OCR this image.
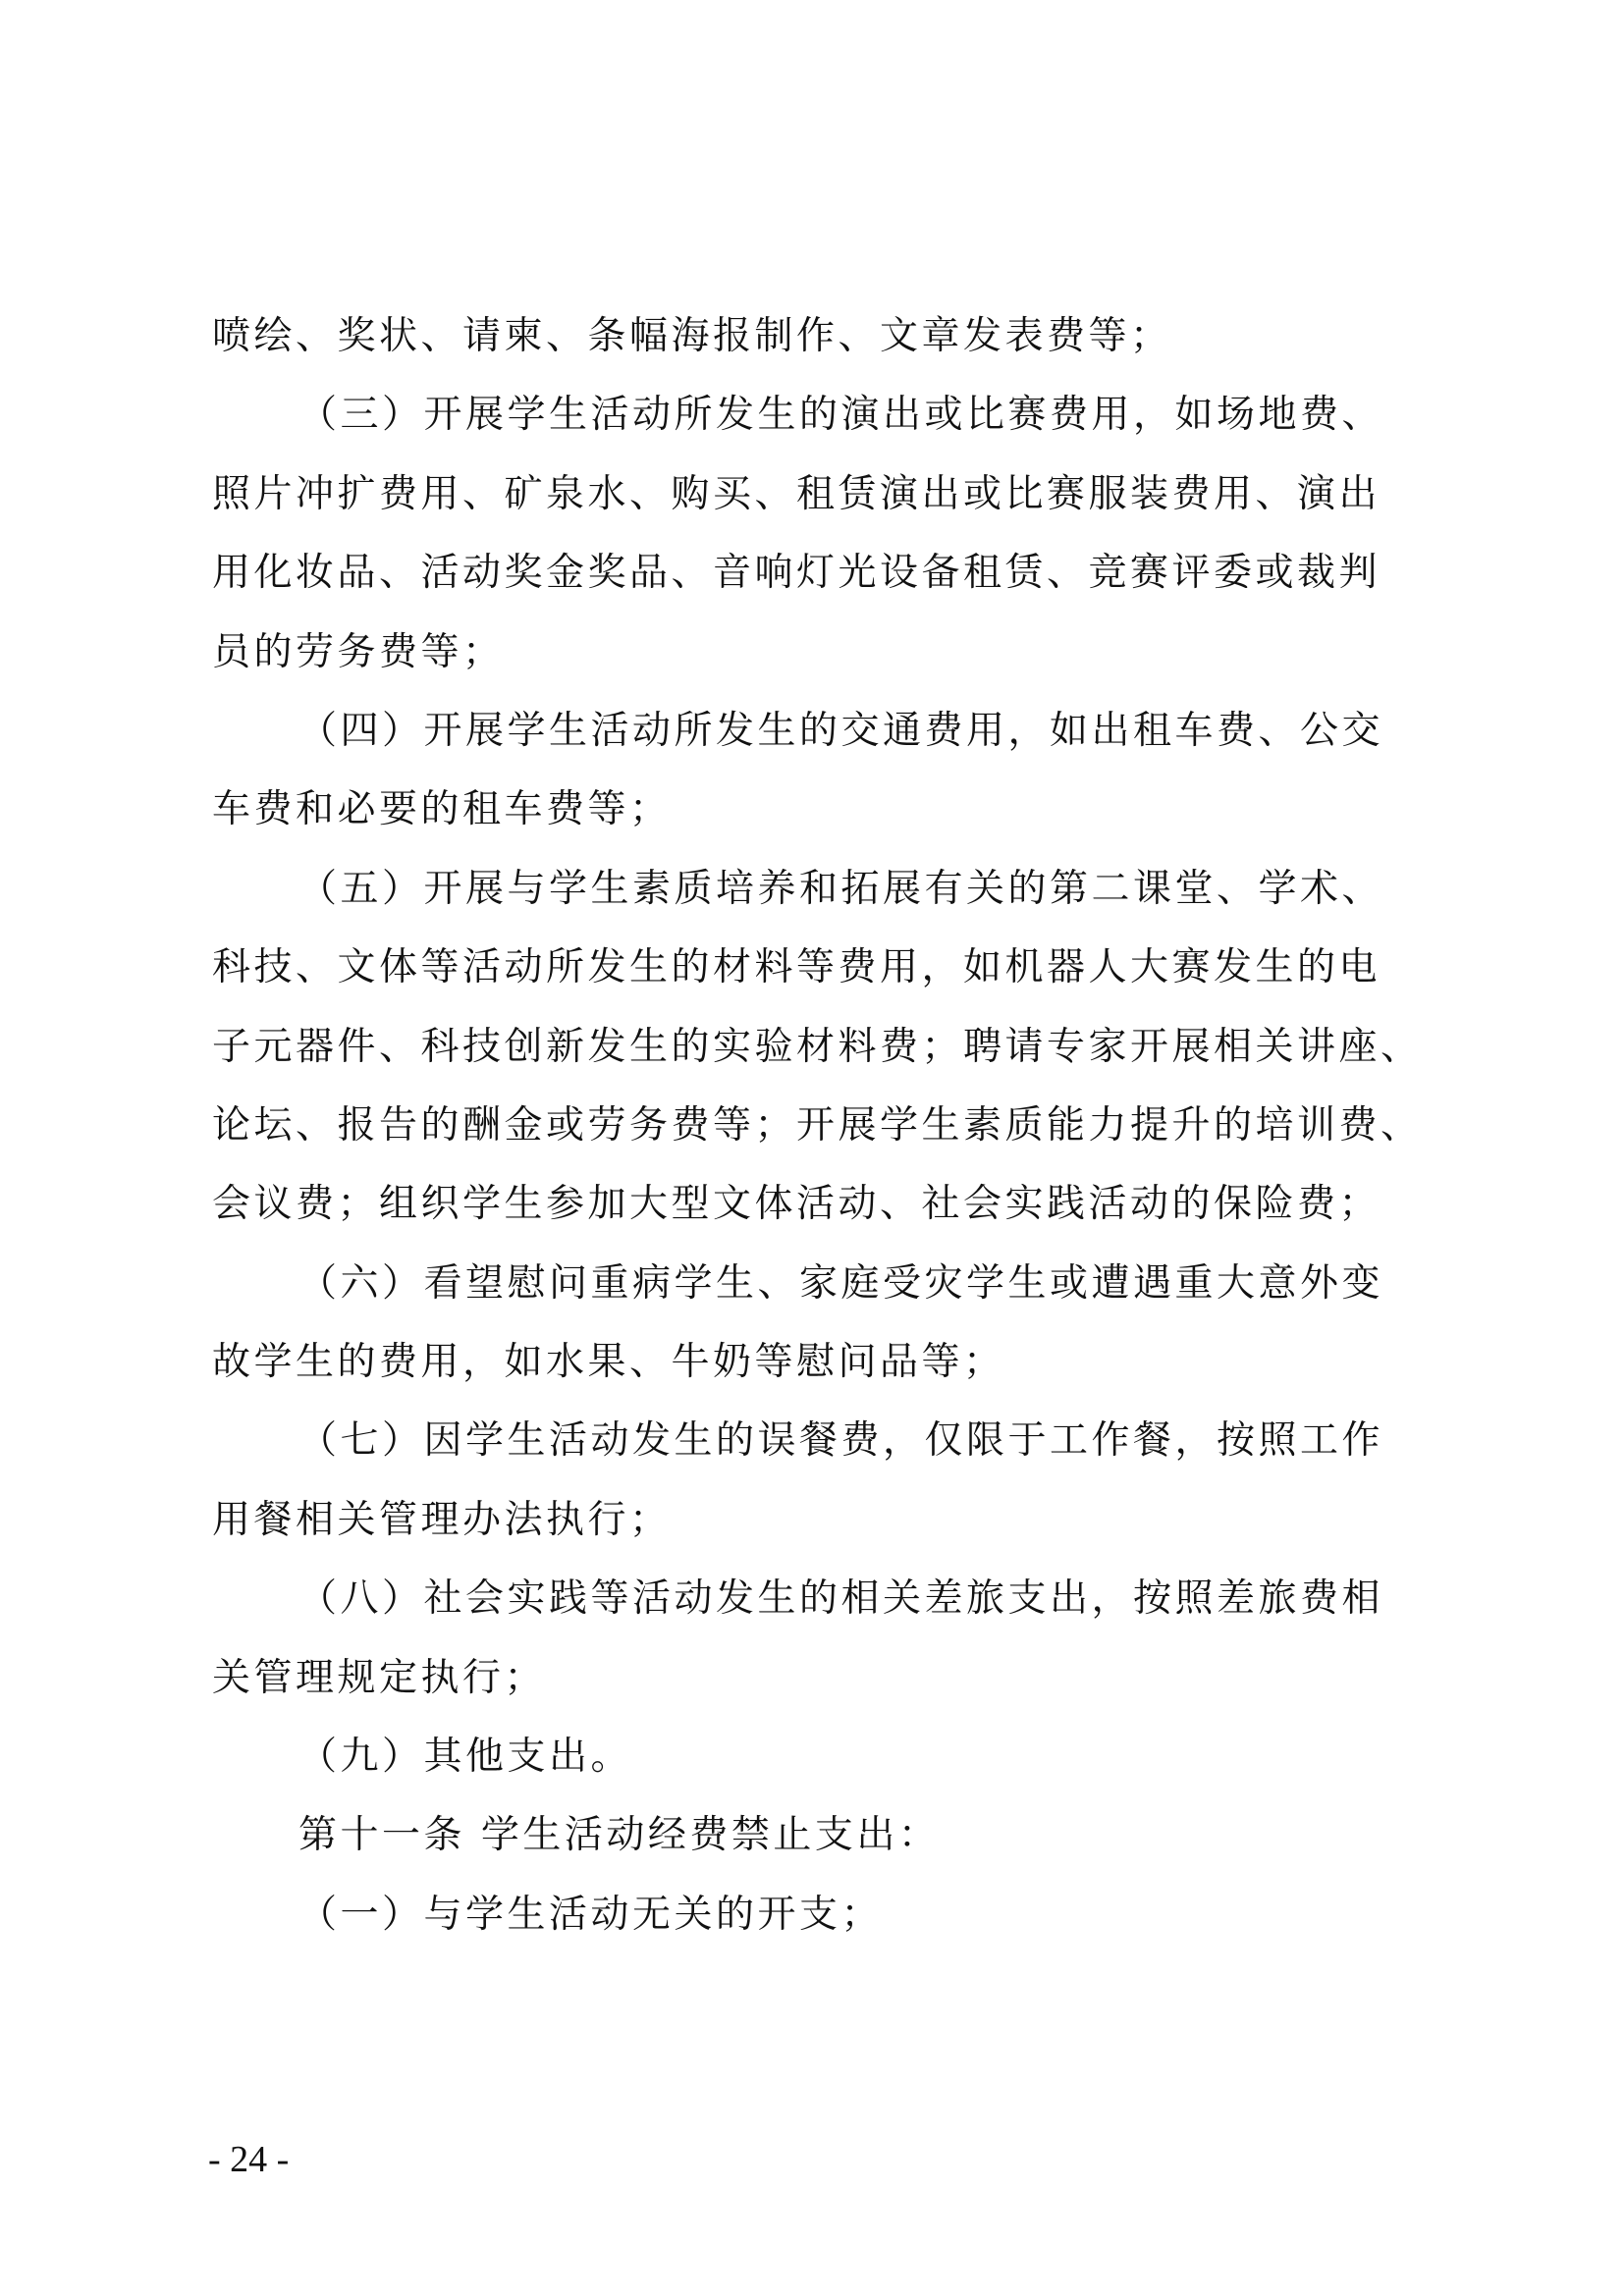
喷绘、奖状、请柬、条幅海报制作、文章发表费等；
（三）开展学生活动所发生的演出或比赛费用，如场地费、
照片冲扩费用、矿泉水、购买、租赁演出或比赛服装费用、演出
用化妆品、活动奖金奖品、音响灯光设备租赁、竞赛评委或裁判
员的劳务费等；
（四）开展学生活动所发生的交通费用，如出租车费、公交
车费和必要的租车费等；
（五）开展与学生素质培养和拓展有关的第二课堂、学术、
科技、文体等活动所发生的材料等费用，如机器人大赛发生的电
子元器件、科技创新发生的实验材料费；聘请专家开展相关讲座、
论坛、报告的酬金或劳务费等；开展学生素质能力提升的培训费、
会议费；组织学生参加大型文体活动、社会实践活动的保险费；
（六）看望慰问重病学生、家庭受灾学生或遭遇重大意外变
故学生的费用，如水果、牛奶等慰问品等；
（七）因学生活动发生的误餐费，仅限于工作餐，按照工作
用餐相关管理办法执行；
（八）社会实践等活动发生的相关差旅支出，按照差旅费相
关管理规定执行；
（九）其他支出。
第十一条 学生活动经费禁止支出：
（一）与学生活动无关的开支；
- 24 -
